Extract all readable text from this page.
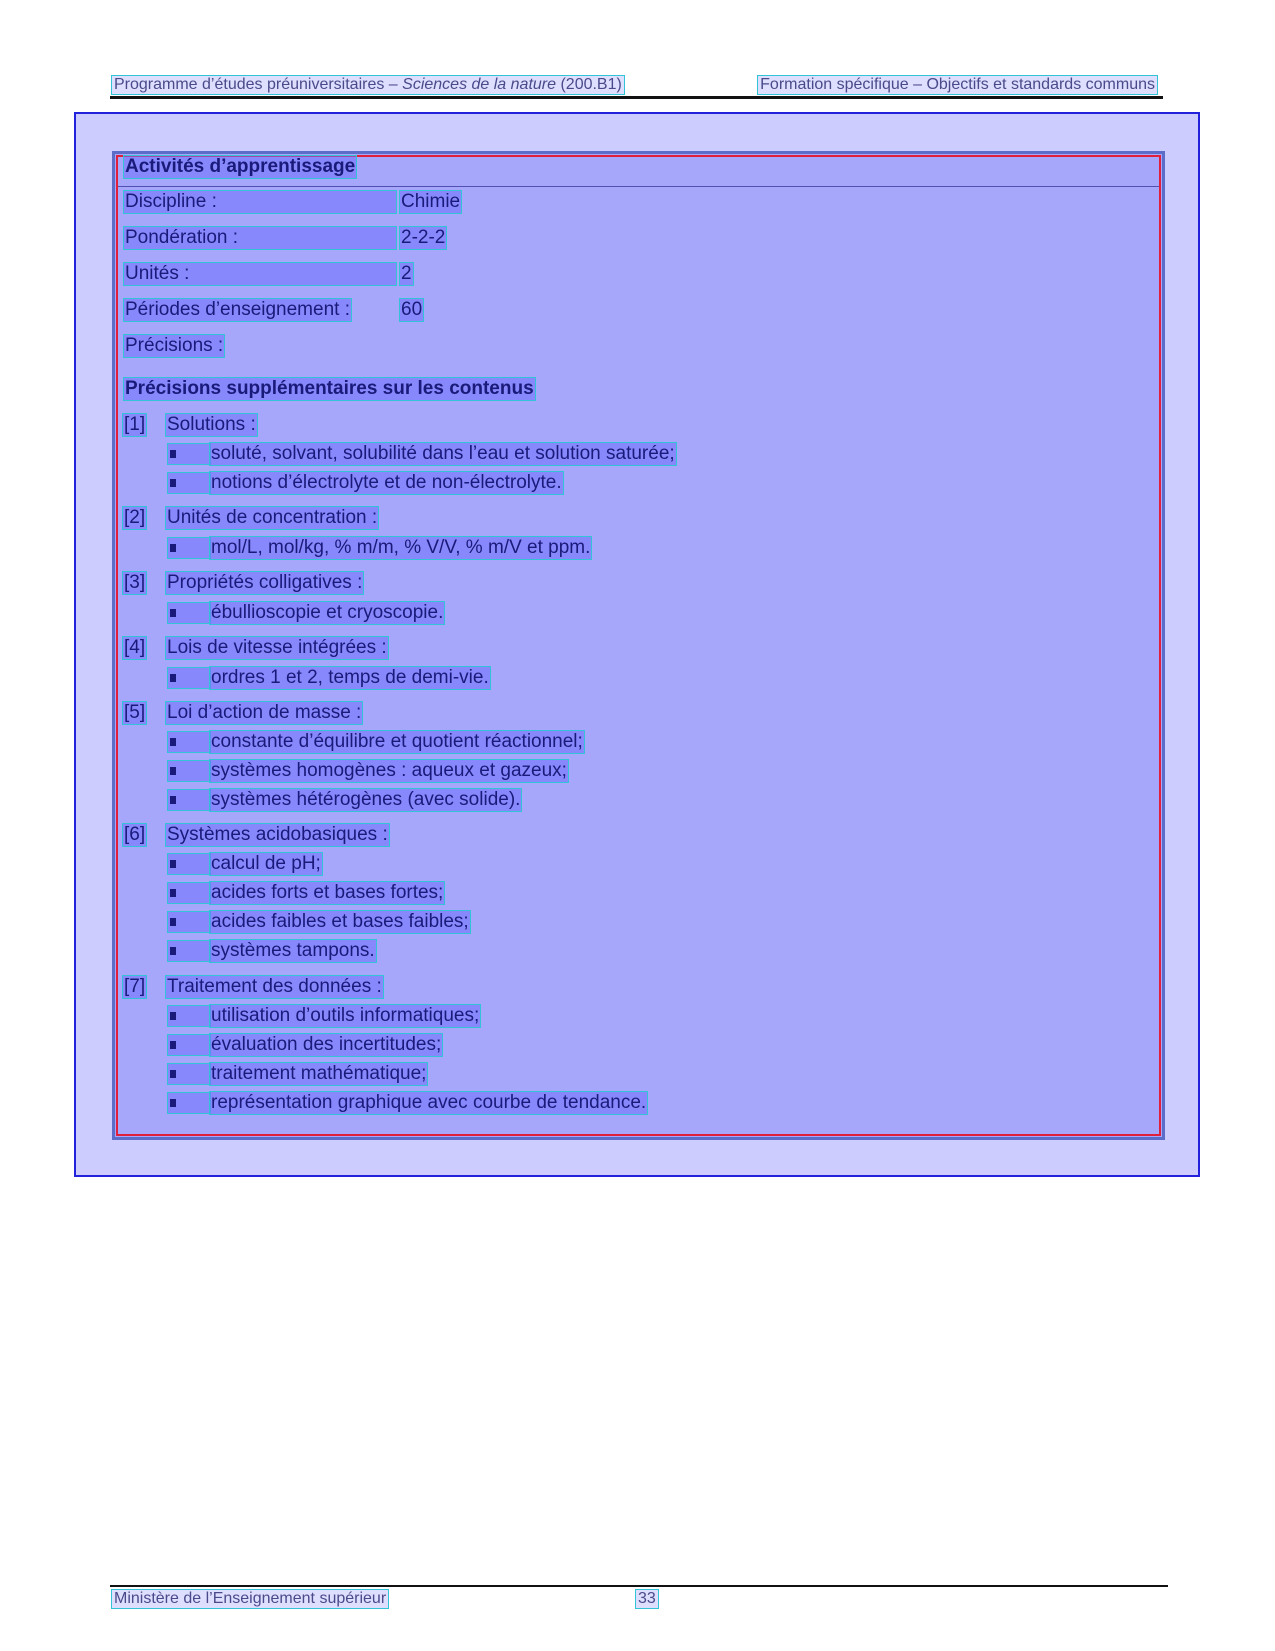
Programme d’études préuniversitaires – Sciences de la nature (200.B1)	Formation spécifique – Objectifs et standards communs
Activités d’apprentissage
Discipline :	Chimie
Pondération :	2-2-2
Unités :	2
Périodes d’enseignement :	60
Précisions :
Précisions supplémentaires sur les contenus
[1] Solutions :
soluté, solvant, solubilité dans l’eau et solution saturée;
notions d’électrolyte et de non-électrolyte.
[2] Unités de concentration :
mol/L, mol/kg, % m/m, % V/V, % m/V et ppm.
[3] Propriétés colligatives :
ébullioscopie et cryoscopie.
[4] Lois de vitesse intégrées :
ordres 1 et 2, temps de demi-vie.
[5] Loi d’action de masse :
constante d’équilibre et quotient réactionnel;
systèmes homogènes : aqueux et gazeux;
systèmes hétérogènes (avec solide).
[6] Systèmes acidobasiques :
calcul de pH;
acides forts et bases fortes;
acides faibles et bases faibles;
systèmes tampons.
[7] Traitement des données :
utilisation d’outils informatiques;
évaluation des incertitudes;
traitement mathématique;
représentation graphique avec courbe de tendance.
Ministère de l’Enseignement supérieur	33
